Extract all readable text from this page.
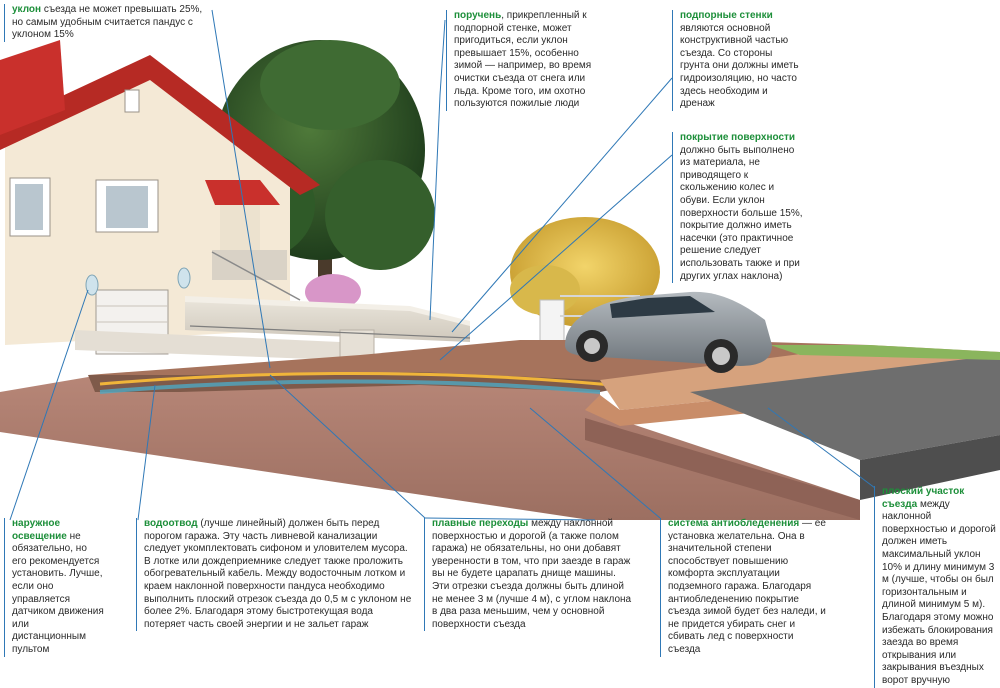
уклон съезда не может превышать 25%, но самым удобным считается пандус с уклоном 15%
поручень, прикрепленный к подпорной стенке, может пригодиться, если уклон превышает 15%, особенно зимой — например, во время очистки съезда от снега или льда. Кроме того, им охотно пользуются пожилые люди
подпорные стенки являются основной конструктивной частью съезда. Со стороны грунта они должны иметь гидроизоляцию, но часто здесь необходим и дренаж
покрытие поверхности должно быть выполнено из материала, не приводящего к скольжению колес и обуви. Если уклон поверхности больше 15%, покрытие должно иметь насечки (это практичное решение следует использовать также и при других углах наклона)
наружное освещение не обязательно, но его рекомендуется установить. Лучше, если оно управляется датчиком движения или дистанционным пультом
водоотвод (лучше линейный) должен быть перед порогом гаража. Эту часть ливневой канализации следует укомплектовать сифоном и уловителем мусора. В лотке или дождеприемнике следует также проложить обогревательный кабель. Между водосточным лотком и краем наклонной поверхности пандуса необходимо выполнить плоский отрезок съезда до 0,5 м с уклоном не более 2%. Благодаря этому быстротекущая вода потеряет часть своей энергии и не зальет гараж
плавные переходы между наклонной поверхностью и дорогой (а также полом гаража) не обязательны, но они добавят уверенности в том, что при заезде в гараж вы не будете царапать днище машины. Эти отрезки съезда должны быть длиной не менее 3 м (лучше 4 м), с углом наклона в два раза меньшим, чем у основной поверхности съезда
система антиобледенения — ее установка желательна. Она в значительной степени способствует повышению комфорта эксплуатации подземного гаража. Благодаря антиобледенению покрытие съезда зимой будет без наледи, и не придется убирать снег и сбивать лед с поверхности съезда
плоский участок съезда между наклонной поверхностью и дорогой должен иметь максимальный уклон 10% и длину минимум 3 м (лучше, чтобы он был горизонтальным и длиной минимум 5 м). Благодаря этому можно избежать блокирования заезда во время открывания или закрывания въездных ворот вручную
